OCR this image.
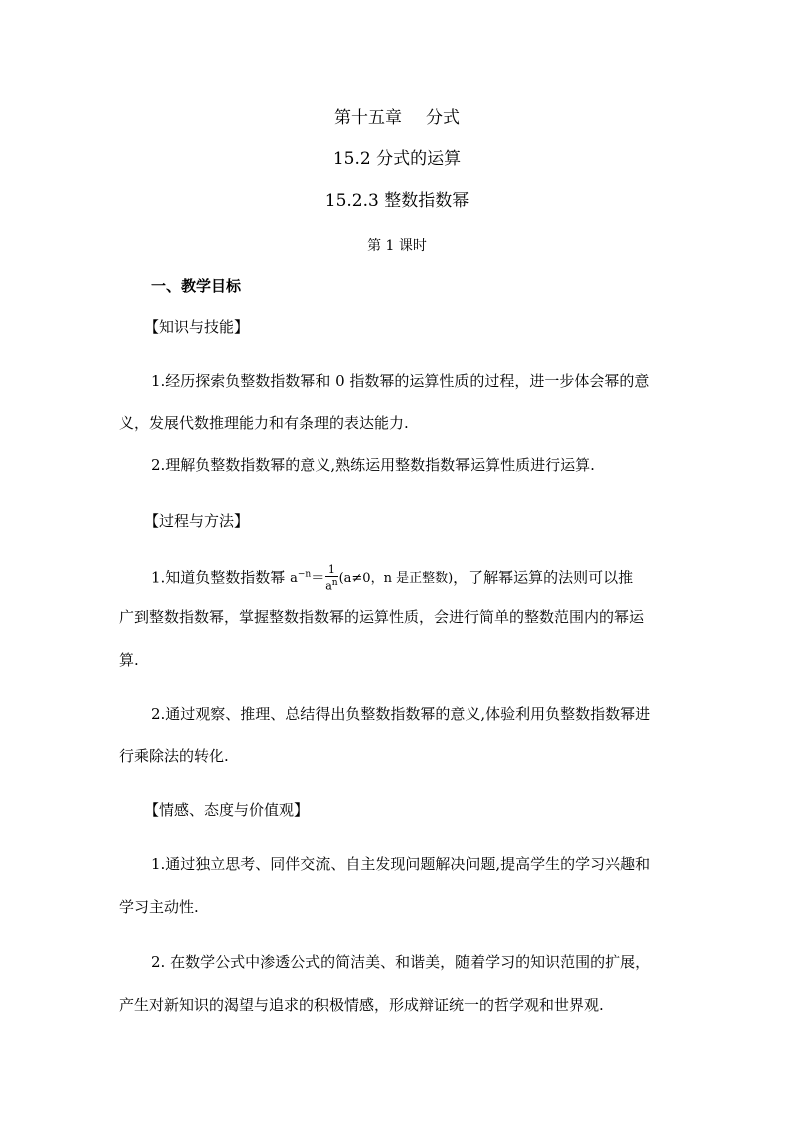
第十五章 分式
15.2 分式的运算
15.2.3 整数指数幂
第 1 课时
一、教学目标
【知识与技能】
1.经历探索负整数指数幂和 0 指数幂的运算性质的过程，进一步体会幂的意
义，发展代数推理能力和有条理的表达能力.
2.理解负整数指数幂的意义,熟练运用整数指数幂运算性质进行运算.
【过程与方法】
1.知道负整数指数幂 $a^{-n}= \frac{1}{a^n} (a\ne 0$，n 是正整数)，了解幂运算的法则可以推
广到整数指数幂，掌握整数指数幂的运算性质，会进行简单的整数范围内的幂运
算.
2.通过观察、推理、总结得出负整数指数幂的意义,体验利用负整数指数幂进
行乘除法的转化.
【情感、态度与价值观】
1.通过独立思考、同伴交流、自主发现问题解决问题,提高学生的学习兴趣和
学习主动性.
2. 在数学公式中渗透公式的简洁美、和谐美，随着学习的知识范围的扩展，
产生对新知识的渴望与追求的积极情感，形成辩证统一的哲学观和世界观.
